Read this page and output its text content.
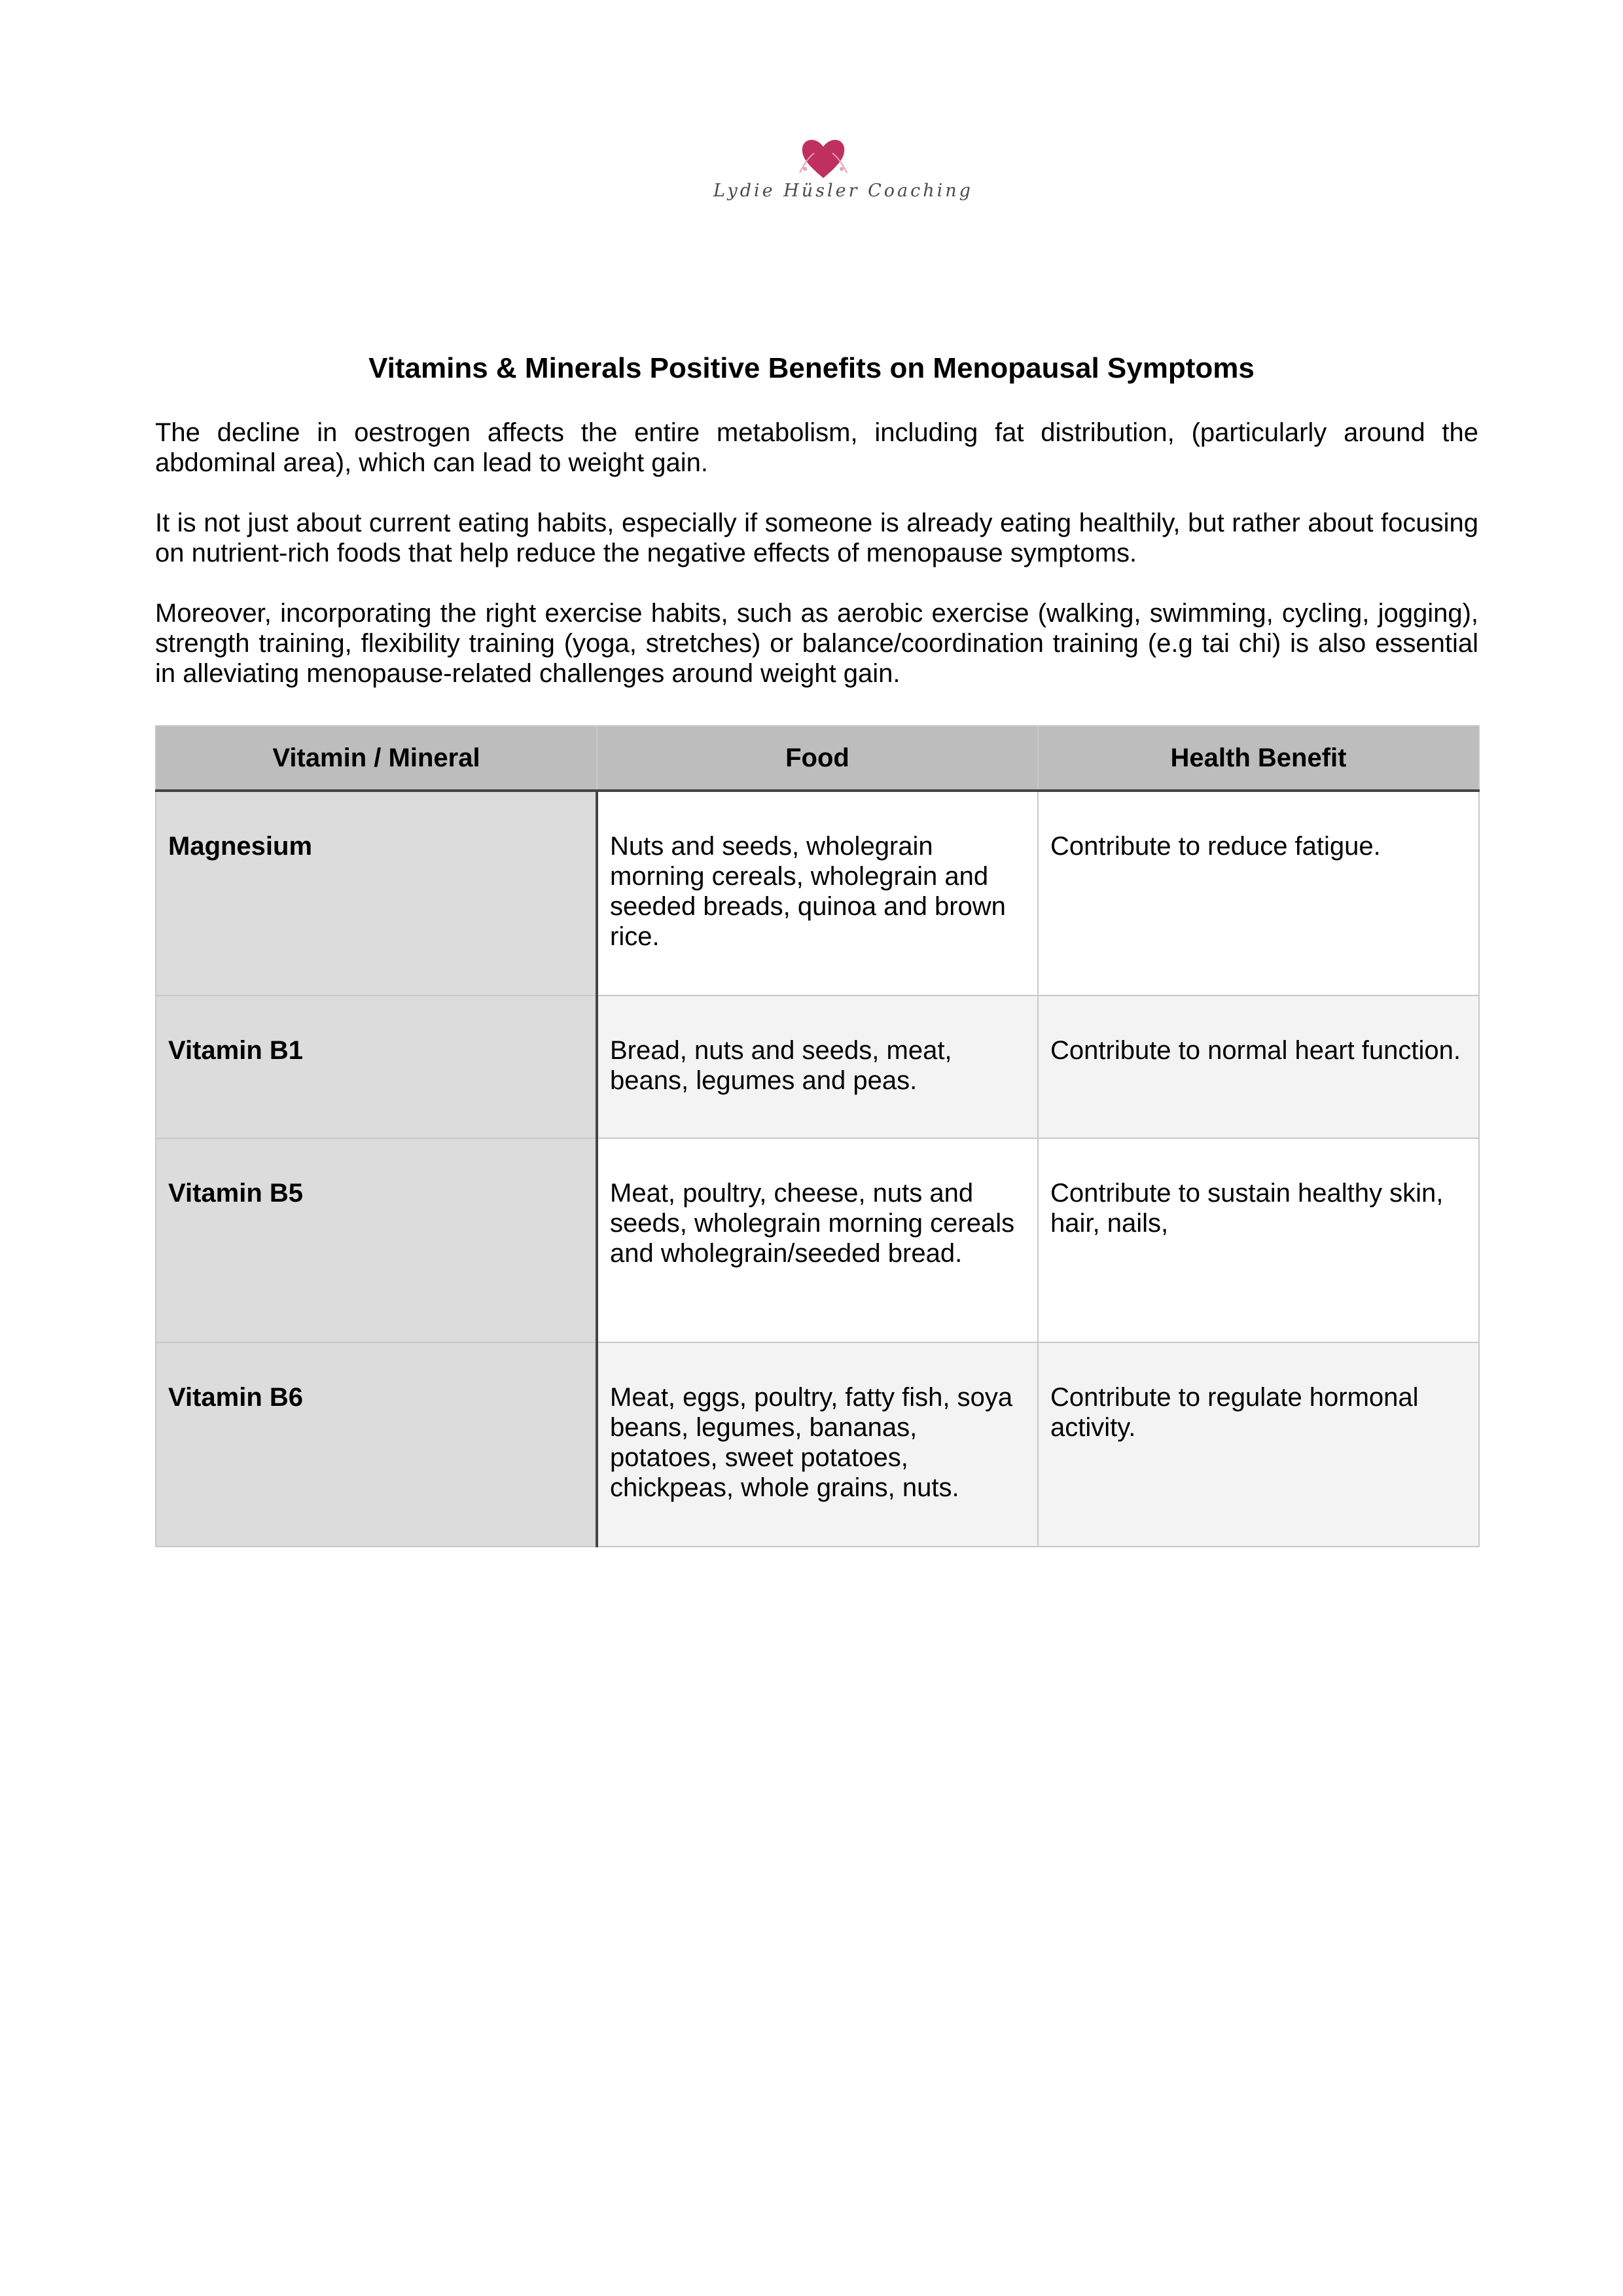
Lydie Hüsler Coaching
Vitamins & Minerals Positive Benefits on Menopausal Symptoms

The decline in oestrogen affects the entire metabolism, including fat distribution, (particularly around the abdominal area), which can lead to weight gain.

It is not just about current eating habits, especially if someone is already eating healthily, but rather about focusing on nutrient-rich foods that help reduce the negative effects of menopause symptoms.

Moreover, incorporating the right exercise habits, such as aerobic exercise (walking, swimming, cycling, jogging), strength training, flexibility training (yoga, stretches) or balance/coordination training (e.g tai chi) is also essential in alleviating menopause-related challenges around weight gain.

Vitamin / Mineral	Food	Health Benefit

Magnesium	Nuts and seeds, wholegrain morning cereals, wholegrain and seeded breads, quinoa and brown rice.	Contribute to reduce fatigue.

Vitamin B1	Bread, nuts and seeds, meat, beans, legumes and peas.	Contribute to normal heart function.

Vitamin B5	Meat, poultry, cheese, nuts and seeds, wholegrain morning cereals and wholegrain/seeded bread.	Contribute to sustain healthy skin, hair, nails,

Vitamin B6	Meat, eggs, poultry, fatty fish, soya beans, legumes, bananas, potatoes, sweet potatoes, chickpeas, whole grains, nuts.	Contribute to regulate hormonal activity.
